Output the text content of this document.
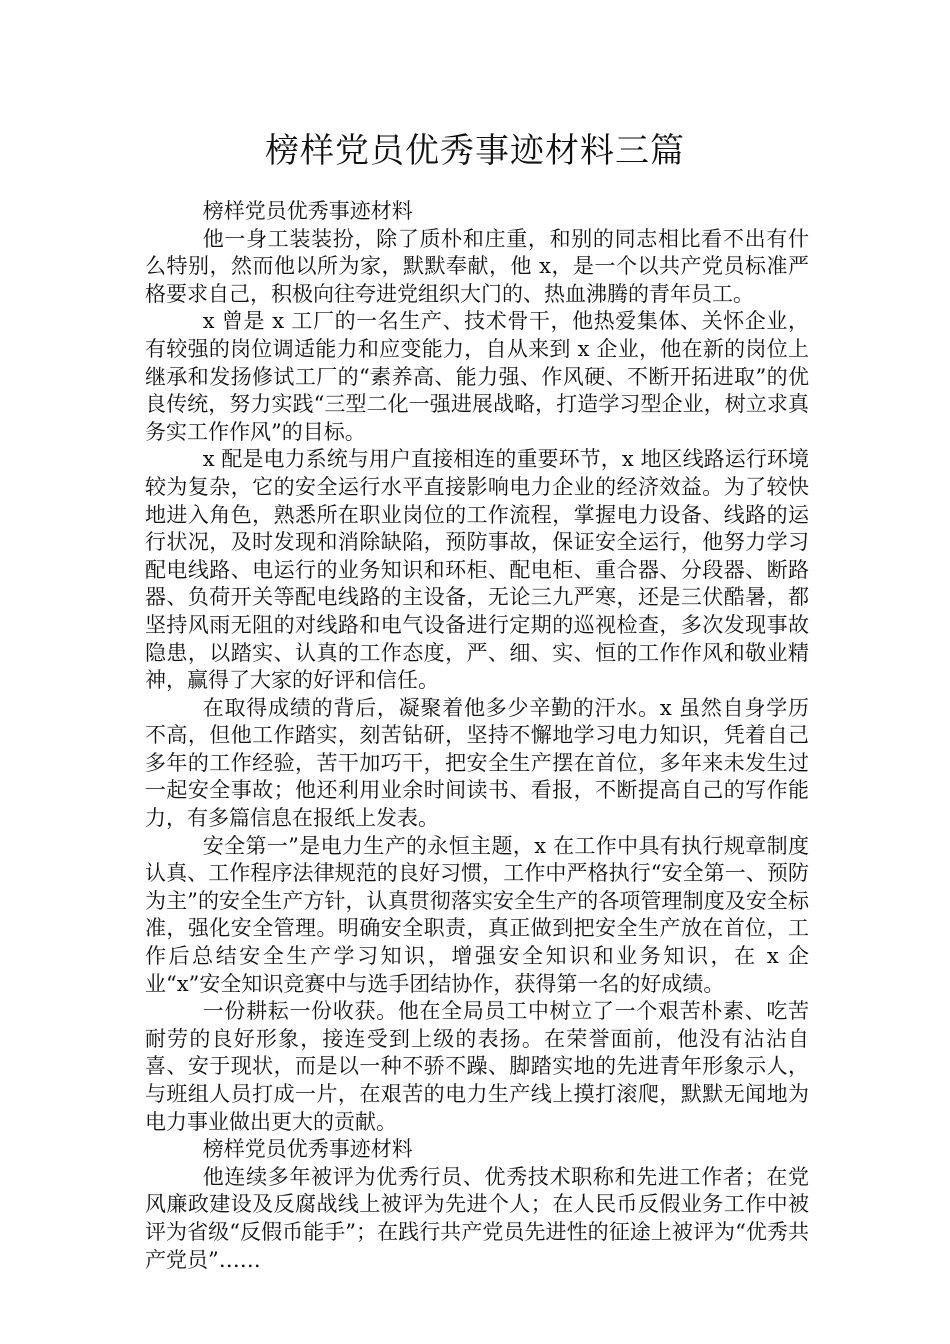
榜样党员优秀事迹材料三篇

榜样党员优秀事迹材料

他一身工装装扮，除了质朴和庄重，和别的同志相比看不出有什么特别，然而他以所为家，默默奉献，他 x，是一个以共产党员标准严格要求自己，积极向往夸进党组织大门的、热血沸腾的青年员工。

x 曾是 x 工厂的一名生产、技术骨干，他热爱集体、关怀企业，有较强的岗位调适能力和应变能力，自从来到 x 企业，他在新的岗位上继承和发扬修试工厂的“素养高、能力强、作风硬、不断开拓进取”的优良传统，努力实践“三型二化一强进展战略，打造学习型企业，树立求真务实工作作风”的目标。

x 配是电力系统与用户直接相连的重要环节，x 地区线路运行环境较为复杂，它的安全运行水平直接影响电力企业的经济效益。为了较快地进入角色，熟悉所在职业岗位的工作流程，掌握电力设备、线路的运行状况，及时发现和消除缺陷，预防事故，保证安全运行，他努力学习配电线路、电运行的业务知识和环柜、配电柜、重合器、分段器、断路器、负荷开关等配电线路的主设备，无论三九严寒，还是三伏酷暑，都坚持风雨无阻的对线路和电气设备进行定期的巡视检查，多次发现事故隐患，以踏实、认真的工作态度，严、细、实、恒的工作作风和敬业精神，赢得了大家的好评和信任。

在取得成绩的背后，凝聚着他多少辛勤的汗水。x 虽然自身学历不高，但他工作踏实，刻苦钻研，坚持不懈地学习电力知识，凭着自己多年的工作经验，苦干加巧干，把安全生产摆在首位，多年来未发生过一起安全事故；他还利用业余时间读书、看报，不断提高自己的写作能力，有多篇信息在报纸上发表。

安全第一”是电力生产的永恒主题，x 在工作中具有执行规章制度认真、工作程序法律规范的良好习惯，工作中严格执行“安全第一、预防为主”的安全生产方针，认真贯彻落实安全生产的各项管理制度及安全标准，强化安全管理。明确安全职责，真正做到把安全生产放在首位，工作后总结安全生产学习知识，增强安全知识和业务知识，在 x 企业“x”安全知识竞赛中与选手团结协作，获得第一名的好成绩。

一份耕耘一份收获。他在全局员工中树立了一个艰苦朴素、吃苦耐劳的良好形象，接连受到上级的表扬。在荣誉面前，他没有沾沾自喜、安于现状，而是以一种不骄不躁、脚踏实地的先进青年形象示人，与班组人员打成一片，在艰苦的电力生产线上摸打滚爬，默默无闻地为电力事业做出更大的贡献。

榜样党员优秀事迹材料

他连续多年被评为优秀行员、优秀技术职称和先进工作者；在党风廉政建设及反腐战线上被评为先进个人；在人民币反假业务工作中被评为省级“反假币能手”；在践行共产党员先进性的征途上被评为“优秀共产党员”……
